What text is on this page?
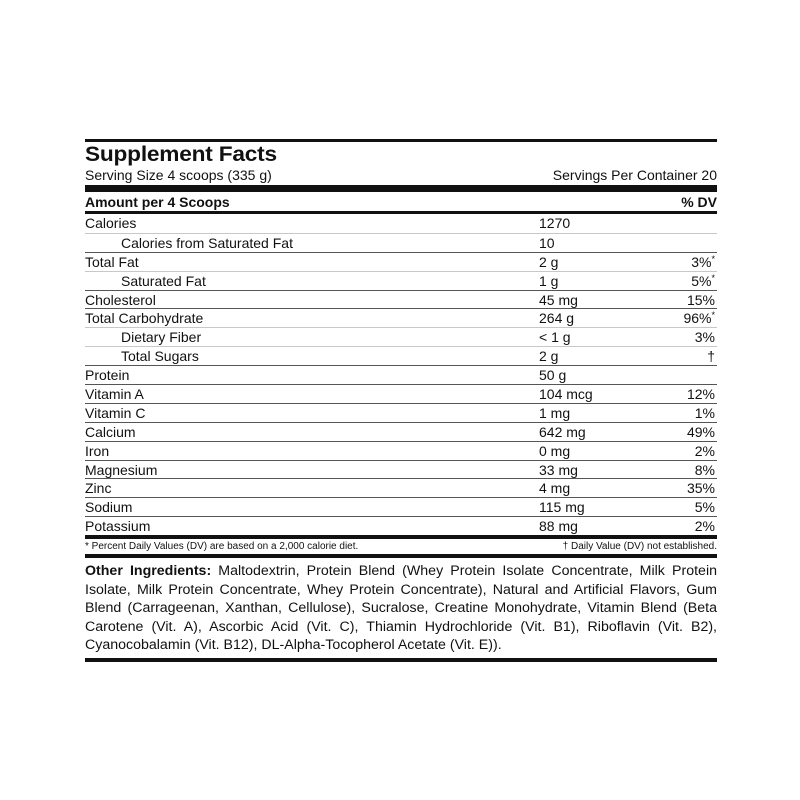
Supplement Facts
Serving Size 4 scoops (335 g)	Servings Per Container 20
Amount per 4 Scoops	% DV
Calories	1270
Calories from Saturated Fat	10
Total Fat	2 g	3%*
Saturated Fat	1 g	5%*
Cholesterol	45 mg	15%
Total Carbohydrate	264 g	96%*
Dietary Fiber	< 1 g	3%
Total Sugars	2 g	†
Protein	50 g
Vitamin A	104 mcg	12%
Vitamin C	1 mg	1%
Calcium	642 mg	49%
Iron	0 mg	2%
Magnesium	33 mg	8%
Zinc	4 mg	35%
Sodium	115 mg	5%
Potassium	88 mg	2%
* Percent Daily Values (DV) are based on a 2,000 calorie diet.	† Daily Value (DV) not established.
Other Ingredients: Maltodextrin, Protein Blend (Whey Protein Isolate Concentrate, Milk Protein Isolate, Milk Protein Concentrate, Whey Protein Concentrate), Natural and Artificial Flavors, Gum Blend (Carrageenan, Xanthan, Cellulose), Sucralose, Creatine Monohydrate, Vitamin Blend (Beta Carotene (Vit. A), Ascorbic Acid (Vit. C), Thiamin Hydrochloride (Vit. B1), Riboflavin (Vit. B2), Cyanocobalamin (Vit. B12), DL-Alpha-Tocopherol Acetate (Vit. E)).
